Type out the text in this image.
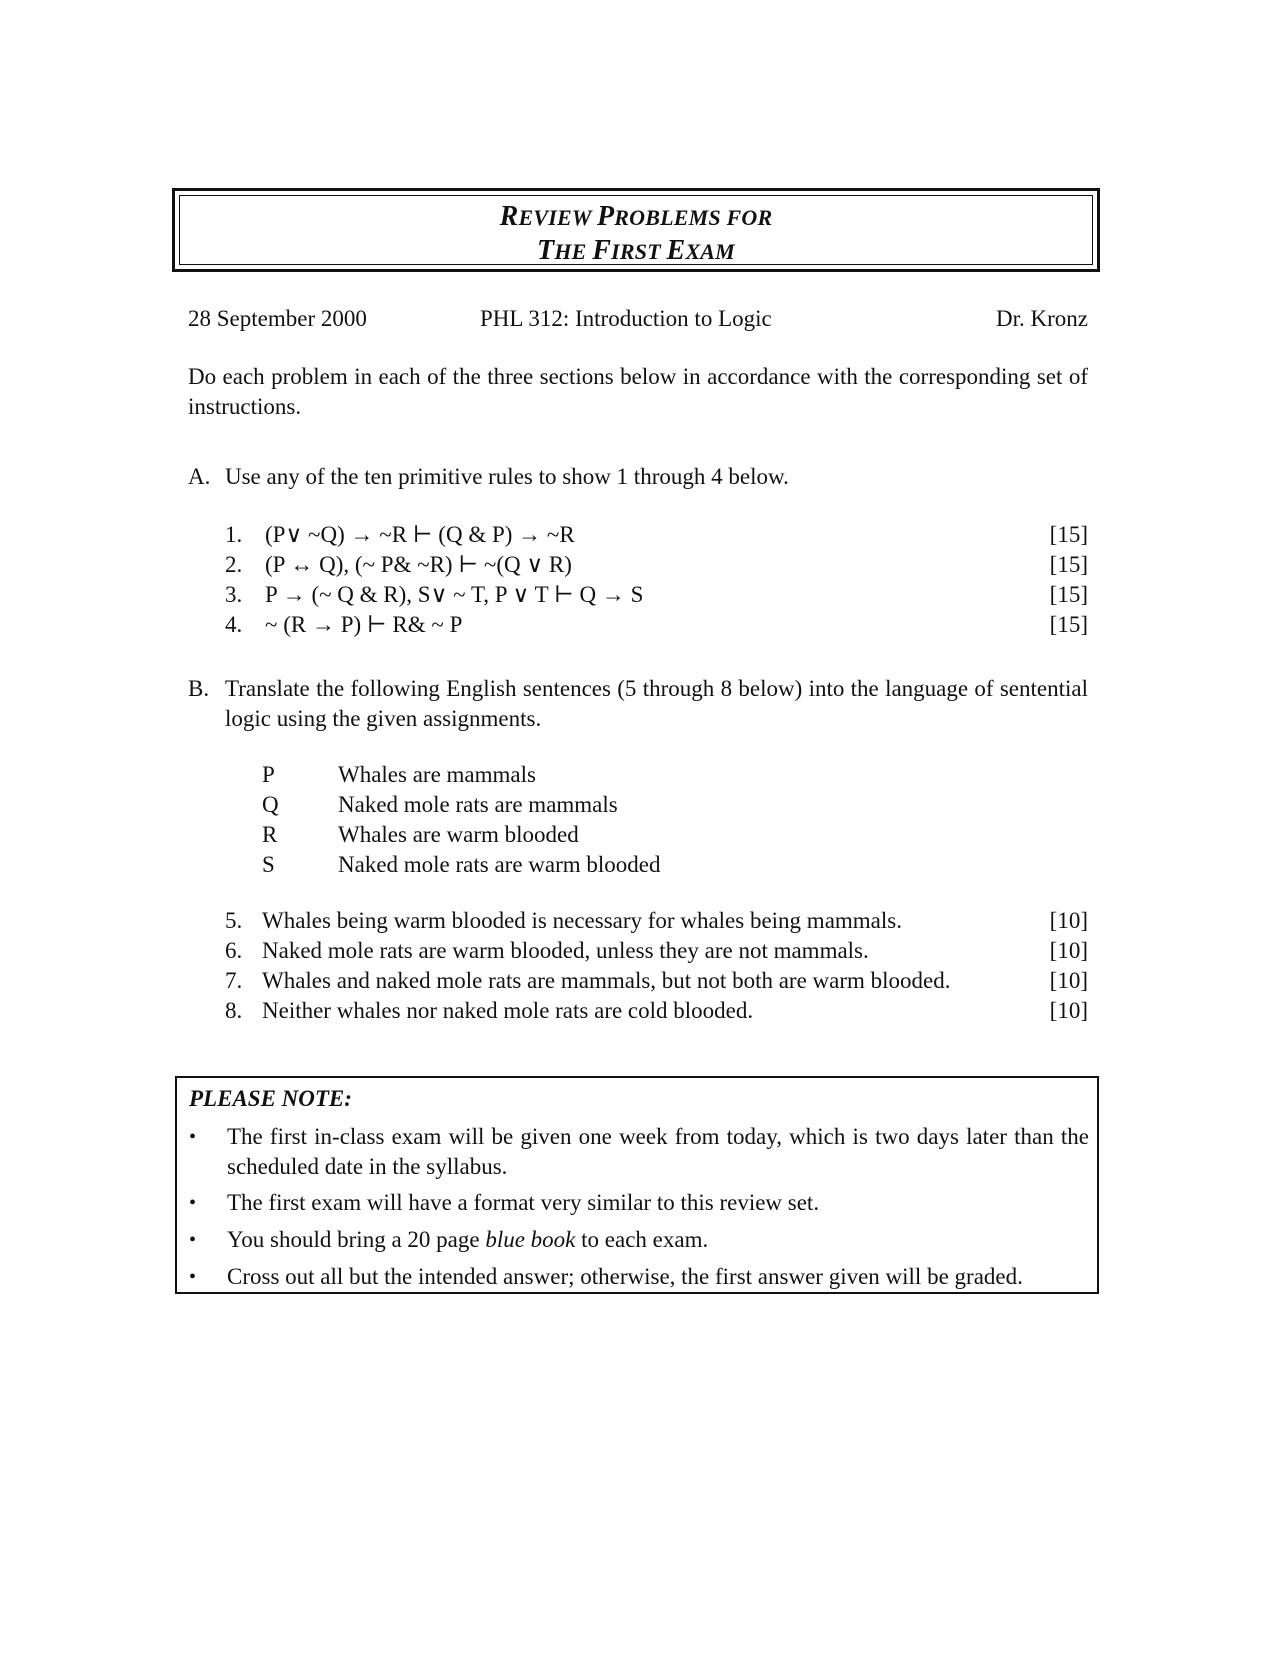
REVIEW PROBLEMS FOR
THE FIRST EXAM
28 September 2000	PHL 312: Introduction to Logic	Dr. Kronz
Do each problem in each of the three sections below in accordance with the corresponding set of instructions.
A. Use any of the ten primitive rules to show 1 through 4 below.
1. (P∨ ~Q) → ~R ⊢ (Q & P) → ~R	[15]
2. (P ↔ Q), (~ P& ~R) ⊢ ~(Q ∨ R)	[15]
3. P → (~ Q & R), S∨ ~ T, P ∨ T ⊢ Q → S	[15]
4. ~ (R → P) ⊢ R& ~ P	[15]
B. Translate the following English sentences (5 through 8 below) into the language of sentential logic using the given assignments.
P	Whales are mammals
Q	Naked mole rats are mammals
R	Whales are warm blooded
S	Naked mole rats are warm blooded
5. Whales being warm blooded is necessary for whales being mammals.	[10]
6. Naked mole rats are warm blooded, unless they are not mammals.	[10]
7. Whales and naked mole rats are mammals, but not both are warm blooded.	[10]
8. Neither whales nor naked mole rats are cold blooded.	[10]
PLEASE NOTE:
• The first in-class exam will be given one week from today, which is two days later than the scheduled date in the syllabus.
• The first exam will have a format very similar to this review set.
• You should bring a 20 page blue book to each exam.
• Cross out all but the intended answer; otherwise, the first answer given will be graded.
